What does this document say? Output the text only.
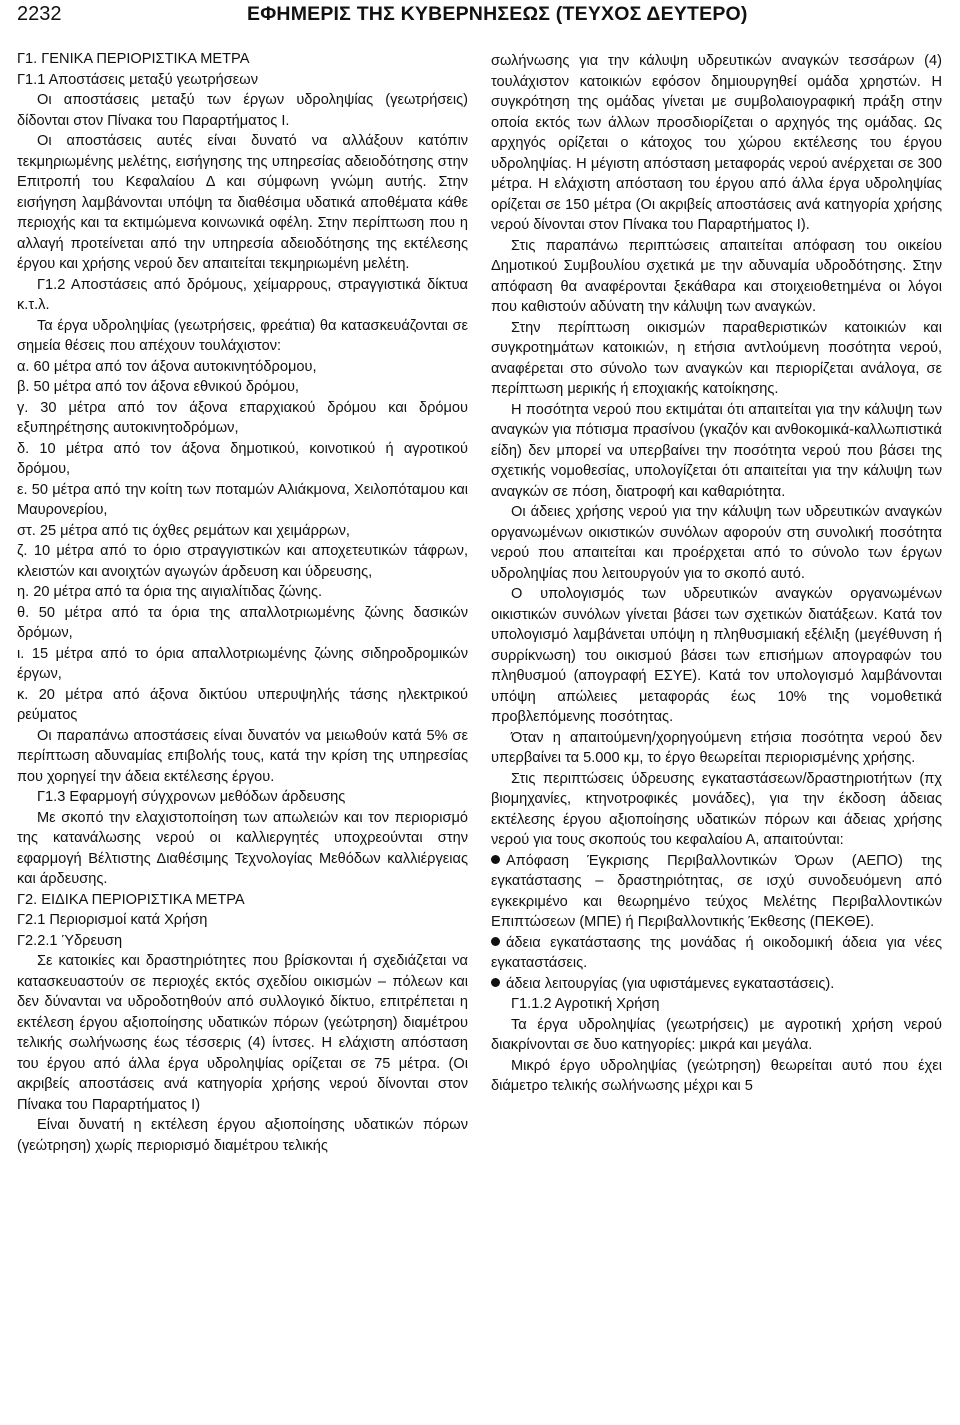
2232	ΕΦΗΜΕΡΙΣ ΤΗΣ ΚΥΒΕΡΝΗΣΕΩΣ (ΤΕΥΧΟΣ ΔΕΥΤΕΡΟ)

Γ1. ΓΕΝΙΚΑ ΠΕΡΙΟΡΙΣΤΙΚΑ ΜΕΤΡΑ

Γ1.1 Αποστάσεις μεταξύ γεωτρήσεων

Οι αποστάσεις μεταξύ των έργων υδροληψίας (γεωτρήσεις) δίδονται στον Πίνακα του Παραρτήματος Ι.

Οι αποστάσεις αυτές είναι δυνατό να αλλάξουν κατόπιν τεκμηριωμένης μελέτης, εισήγησης της υπηρεσίας αδειοδότησης στην Επιτροπή του Κεφαλαίου Δ και σύμφωνη γνώμη αυτής. Στην εισήγηση λαμβάνονται υπόψη τα διαθέσιμα υδατικά αποθέματα κάθε περιοχής και τα εκτιμώμενα κοινωνικά οφέλη. Στην περίπτωση που η αλλαγή προτείνεται από την υπηρεσία αδειοδότησης της εκτέλεσης έργου και χρήσης νερού δεν απαιτείται τεκμηριωμένη μελέτη.

Γ1.2 Αποστάσεις από δρόμους, χείμαρρους, στραγγιστικά δίκτυα κ.τ.λ.

Τα έργα υδροληψίας (γεωτρήσεις, φρεάτια) θα κατασκευάζονται σε σημεία θέσεις που απέχουν τουλάχιστον:

α. 60 μέτρα από τον άξονα αυτοκινητόδρομου,

β. 50 μέτρα από τον άξονα εθνικού δρόμου,

γ. 30 μέτρα από τον άξονα επαρχιακού δρόμου και δρόμου εξυπηρέτησης αυτοκινητοδρόμων,

δ. 10 μέτρα από τον άξονα δημοτικού, κοινοτικού ή αγροτικού δρόμου,

ε. 50 μέτρα από την κοίτη των ποταμών Αλιάκμονα, Χειλοπόταμου και Μαυρονερίου,

στ. 25 μέτρα από τις όχθες ρεμάτων και χειμάρρων,

ζ. 10 μέτρα από το όριο στραγγιστικών και αποχετευτικών τάφρων, κλειστών και ανοιχτών αγωγών άρδευση και ύδρευσης,

η. 20 μέτρα από τα όρια της αιγιαλίτιδας ζώνης.

θ. 50 μέτρα από τα όρια της απαλλοτριωμένης ζώνης δασικών δρόμων,

ι. 15 μέτρα από το όρια απαλλοτριωμένης ζώνης σιδηροδρομικών έργων,

κ. 20 μέτρα από άξονα δικτύου υπερυψηλής τάσης ηλεκτρικού ρεύματος

Οι παραπάνω αποστάσεις είναι δυνατόν να μειωθούν κατά 5% σε περίπτωση αδυναμίας επιβολής τους, κατά την κρίση της υπηρεσίας που χορηγεί την άδεια εκτέλεσης έργου.

Γ1.3 Εφαρμογή σύγχρονων μεθόδων άρδευσης

Με σκοπό την ελαχιστοποίηση των απωλειών και τον περιορισμό της κατανάλωσης νερού οι καλλιεργητές υποχρεούνται στην εφαρμογή Βέλτιστης Διαθέσιμης Τεχνολογίας Μεθόδων καλλιέργειας και άρδευσης.

Γ2. ΕΙΔΙΚΑ ΠΕΡΙΟΡΙΣΤΙΚΑ ΜΕΤΡΑ

Γ2.1 Περιορισμοί κατά Χρήση

Γ2.2.1 Ύδρευση

Σε κατοικίες και δραστηριότητες που βρίσκονται ή σχεδιάζεται να κατασκευαστούν σε περιοχές εκτός σχεδίου οικισμών – πόλεων και δεν δύνανται να υδροδοτηθούν από συλλογικό δίκτυο, επιτρέπεται η εκτέλεση έργου αξιοποίησης υδατικών πόρων (γεώτρηση) διαμέτρου τελικής σωλήνωσης έως τέσσερις (4) ίντσες. Η ελάχιστη απόσταση του έργου από άλλα έργα υδροληψίας ορίζεται σε 75 μέτρα. (Οι ακριβείς αποστάσεις ανά κατηγορία χρήσης νερού δίνονται στον Πίνακα του Παραρτήματος Ι)

Είναι δυνατή η εκτέλεση έργου αξιοποίησης υδατικών πόρων (γεώτρηση) χωρίς περιορισμό διαμέτρου τελικής

σωλήνωσης για την κάλυψη υδρευτικών αναγκών τεσσάρων (4) τουλάχιστον κατοικιών εφόσον δημιουργηθεί ομάδα χρηστών. Η συγκρότηση της ομάδας γίνεται με συμβολαιογραφική πράξη στην οποία εκτός των άλλων προσδιορίζεται ο αρχηγός της ομάδας. Ως αρχηγός ορίζεται ο κάτοχος του χώρου εκτέλεσης του έργου υδροληψίας. Η μέγιστη απόσταση μεταφοράς νερού ανέρχεται σε 300 μέτρα. Η ελάχιστη απόσταση του έργου από άλλα έργα υδροληψίας ορίζεται σε 150 μέτρα (Οι ακριβείς αποστάσεις ανά κατηγορία χρήσης νερού δίνονται στον Πίνακα του Παραρτήματος Ι).

Στις παραπάνω περιπτώσεις απαιτείται απόφαση του οικείου Δημοτικού Συμβουλίου σχετικά με την αδυναμία υδροδότησης. Στην απόφαση θα αναφέρονται ξεκάθαρα και στοιχειοθετημένα οι λόγοι που καθιστούν αδύνατη την κάλυψη των αναγκών.

Στην περίπτωση οικισμών παραθεριστικών κατοικιών και συγκροτημάτων κατοικιών, η ετήσια αντλούμενη ποσότητα νερού, αναφέρεται στο σύνολο των αναγκών και περιορίζεται ανάλογα, σε περίπτωση μερικής ή εποχιακής κατοίκησης.

Η ποσότητα νερού που εκτιμάται ότι απαιτείται για την κάλυψη των αναγκών για πότισμα πρασίνου (γκαζόν και ανθοκομικά-καλλωπιστικά είδη) δεν μπορεί να υπερβαίνει την ποσότητα νερού που βάσει της σχετικής νομοθεσίας, υπολογίζεται ότι απαιτείται για την κάλυψη των αναγκών σε πόση, διατροφή και καθαριότητα.

Οι άδειες χρήσης νερού για την κάλυψη των υδρευτικών αναγκών οργανωμένων οικιστικών συνόλων αφορούν στη συνολική ποσότητα νερού που απαιτείται και προέρχεται από το σύνολο των έργων υδροληψίας που λειτουργούν για το σκοπό αυτό.

Ο υπολογισμός των υδρευτικών αναγκών οργανωμένων οικιστικών συνόλων γίνεται βάσει των σχετικών διατάξεων. Κατά τον υπολογισμό λαμβάνεται υπόψη η πληθυσμιακή εξέλιξη (μεγέθυνση ή συρρίκνωση) του οικισμού βάσει των επισήμων απογραφών του πληθυσμού (απογραφή ΕΣΥΕ). Κατά τον υπολογισμό λαμβάνονται υπόψη απώλειες μεταφοράς έως 10% της νομοθετικά προβλεπόμενης ποσότητας.

Όταν η απαιτούμενη/χορηγούμενη ετήσια ποσότητα νερού δεν υπερβαίνει τα 5.000 κμ, το έργο θεωρείται περιορισμένης χρήσης.

Στις περιπτώσεις ύδρευσης εγκαταστάσεων/δραστηριοτήτων (πχ βιομηχανίες, κτηνοτροφικές μονάδες), για την έκδοση άδειας εκτέλεσης έργου αξιοποίησης υδατικών πόρων και άδειας χρήσης νερού για τους σκοπούς του κεφαλαίου Α, απαιτούνται:

Απόφαση Έγκρισης Περιβαλλοντικών Όρων (ΑΕΠΟ) της εγκατάστασης – δραστηριότητας, σε ισχύ συνοδευόμενη από εγκεκριμένο και θεωρημένο τεύχος Μελέτης Περιβαλλοντικών Επιπτώσεων (ΜΠΕ) ή Περιβαλλοντικής Έκθεσης (ΠΕΚΘΕ).

άδεια εγκατάστασης της μονάδας ή οικοδομική άδεια για νέες εγκαταστάσεις.

άδεια λειτουργίας (για υφιστάμενες εγκαταστάσεις).

Γ1.1.2 Αγροτική Χρήση

Τα έργα υδροληψίας (γεωτρήσεις) με αγροτική χρήση νερού διακρίνονται σε δυο κατηγορίες: μικρά και μεγάλα.

Μικρό έργο υδροληψίας (γεώτρηση) θεωρείται αυτό που έχει διάμετρο τελικής σωλήνωσης μέχρι και 5
